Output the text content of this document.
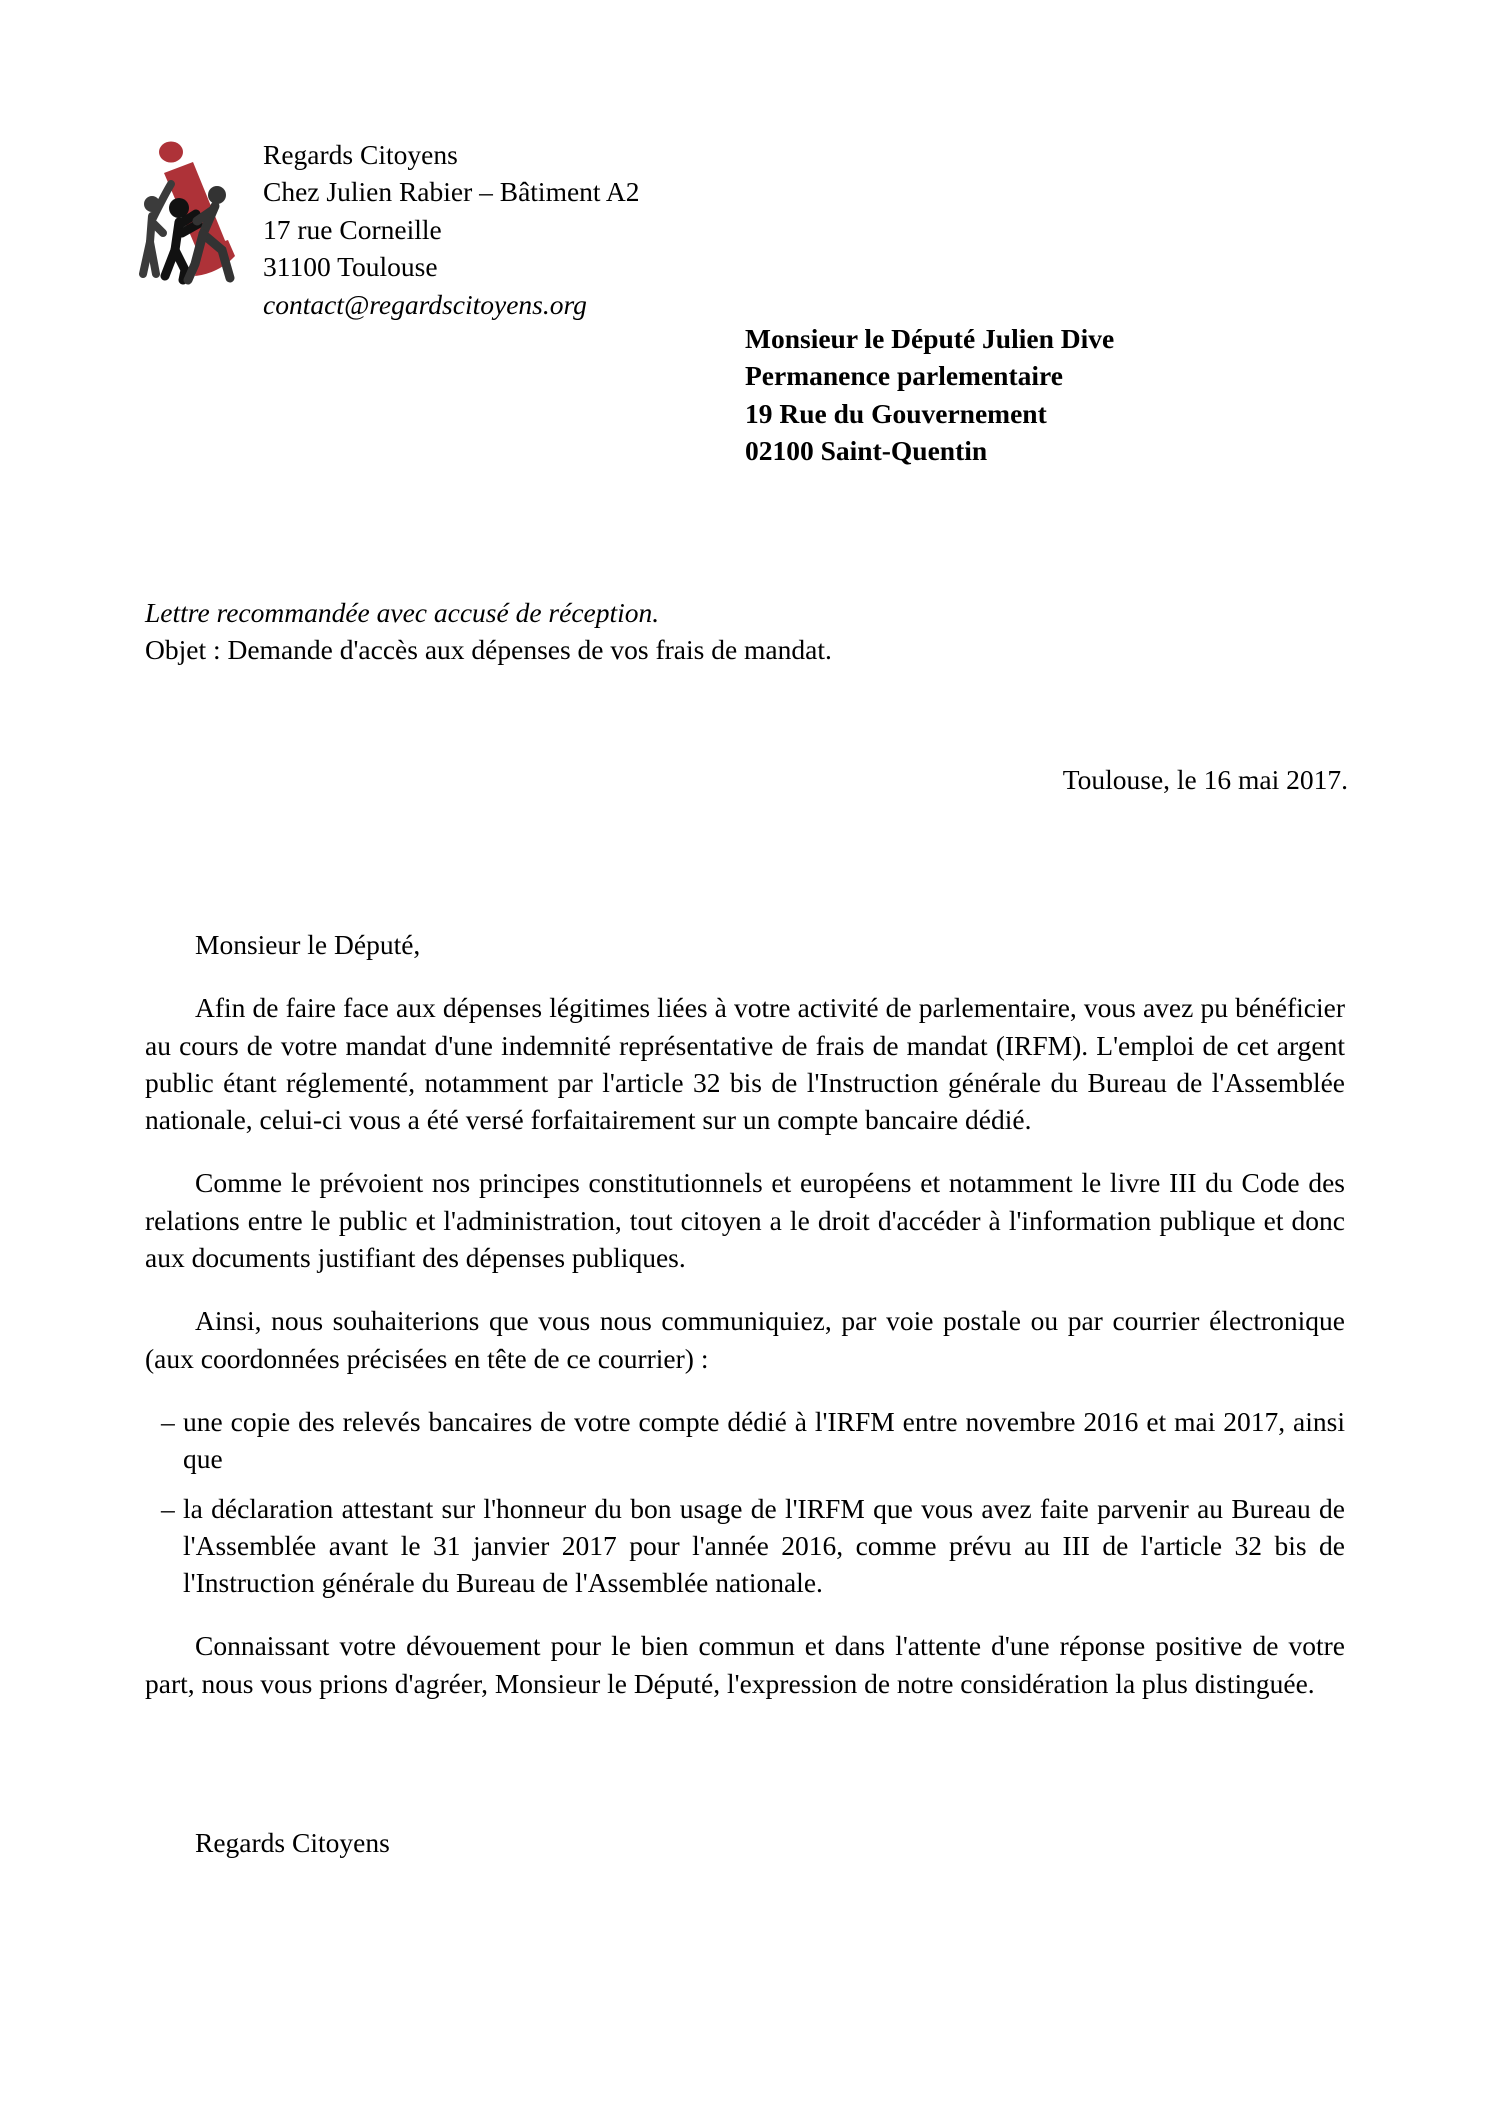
Regards Citoyens
Chez Julien Rabier – Bâtiment A2
17 rue Corneille
31100 Toulouse
contact@regardscitoyens.org
Monsieur le Député Julien Dive
Permanence parlementaire
19 Rue du Gouvernement
02100 Saint-Quentin
Lettre recommandée avec accusé de réception.
Objet : Demande d'accès aux dépenses de vos frais de mandat.
Toulouse, le 16 mai 2017.

Monsieur le Député,

Afin de faire face aux dépenses légitimes liées à votre activité de parlementaire, vous avez pu bénéficier au cours de votre mandat d'une indemnité représentative de frais de mandat (IRFM). L'emploi de cet argent public étant réglementé, notamment par l'article 32 bis de l'Instruction générale du Bureau de l'Assemblée nationale, celui-ci vous a été versé forfaitairement sur un compte bancaire dédié.

Comme le prévoient nos principes constitutionnels et européens et notamment le livre III du Code des relations entre le public et l'administration, tout citoyen a le droit d'accéder à l'information publique et donc aux documents justifiant des dépenses publiques.

Ainsi, nous souhaiterions que vous nous communiquiez, par voie postale ou par courrier électronique (aux coordonnées précisées en tête de ce courrier) :

– une copie des relevés bancaires de votre compte dédié à l'IRFM entre novembre 2016 et mai 2017, ainsi que
– la déclaration attestant sur l'honneur du bon usage de l'IRFM que vous avez faite parvenir au Bureau de l'Assemblée avant le 31 janvier 2017 pour l'année 2016, comme prévu au III de l'article 32 bis de l'Instruction générale du Bureau de l'Assemblée nationale.

Connaissant votre dévouement pour le bien commun et dans l'attente d'une réponse positive de votre part, nous vous prions d'agréer, Monsieur le Député, l'expression de notre considération la plus distinguée.

Regards Citoyens
